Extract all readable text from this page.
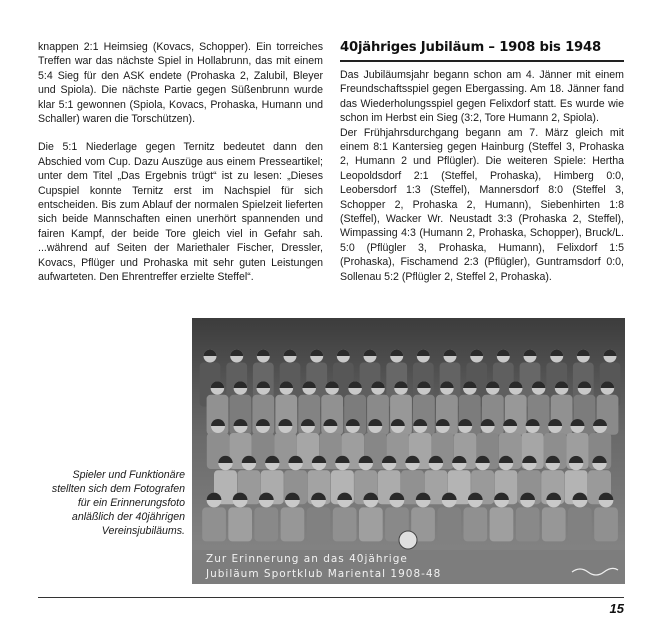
knappen 2:1 Heimsieg (Kovacs, Schopper). Ein torreiches Treffen war das nächste Spiel in Hollabrunn, das mit einem 5:4 Sieg für den ASK endete (Prohaska 2, Zalubil, Bleyer und Spiola). Die nächste Partie gegen Süßenbrunn wurde klar 5:1 gewonnen (Spiola, Kovacs, Prohaska, Humann und Schaller) waren die Torschützen).

Die 5:1 Niederlage gegen Ternitz bedeutet dann den Abschied vom Cup. Dazu Auszüge aus einem Presseartikel; unter dem Titel „Das Ergebnis trügt“ ist zu lesen: „Dieses Cupspiel konnte Ternitz erst im Nachspiel für sich entscheiden. Bis zum Ablauf der normalen Spielzeit lieferten sich beide Mannschaften einen unerhört spannenden und fairen Kampf, der beide Tore gleich viel in Gefahr sah. ...während auf Seiten der Mariethaler Fischer, Dressler, Kovacs, Pflüger und Prohaska mit sehr guten Leistungen aufwarteten. Den Ehrentreffer erzielte Steffel“.

40jähriges Jubiläum – 1908 bis 1948

Das Jubiläumsjahr begann schon am 4. Jänner mit einem Freundschaftsspiel gegen Ebergassing. Am 18. Jänner fand das Wiederholungsspiel gegen Felixdorf statt. Es wurde wie schon im Herbst ein Sieg (3:2, Tore Humann 2, Spiola).

Der Frühjahrsdurchgang begann am 7. März gleich mit einem 8:1 Kantersieg gegen Hainburg (Steffel 3, Prohaska 2, Humann 2 und Pflügler). Die weiteren Spiele: Hertha Leopoldsdorf 2:1 (Steffel, Prohaska), Himberg 0:0, Leobersdorf 1:3 (Steffel), Mannersdorf 8:0 (Steffel 3, Schopper 2, Prohaska 2, Humann), Siebenhirten 1:8 (Steffel), Wacker Wr. Neustadt 3:3 (Prohaska 2, Steffel), Wimpassing 4:3 (Humann 2, Prohaska, Schopper), Bruck/L. 5:0 (Pflügler 3, Prohaska, Humann), Felixdorf 1:5 (Prohaska), Fischamend 2:3 (Pflügler), Guntramsdorf 0:0, Sollenau 5:2 (Pflügler 2, Steffel 2, Prohaska).

Spieler und Funktionäre stellten sich dem Fotografen für ein Erinnerungsfoto anläßlich der 40jährigen Vereinsjubiläums.
Zur Erinnerung an das 40jährige
Jubiläum Sportklub Mariental 1908-48
15
